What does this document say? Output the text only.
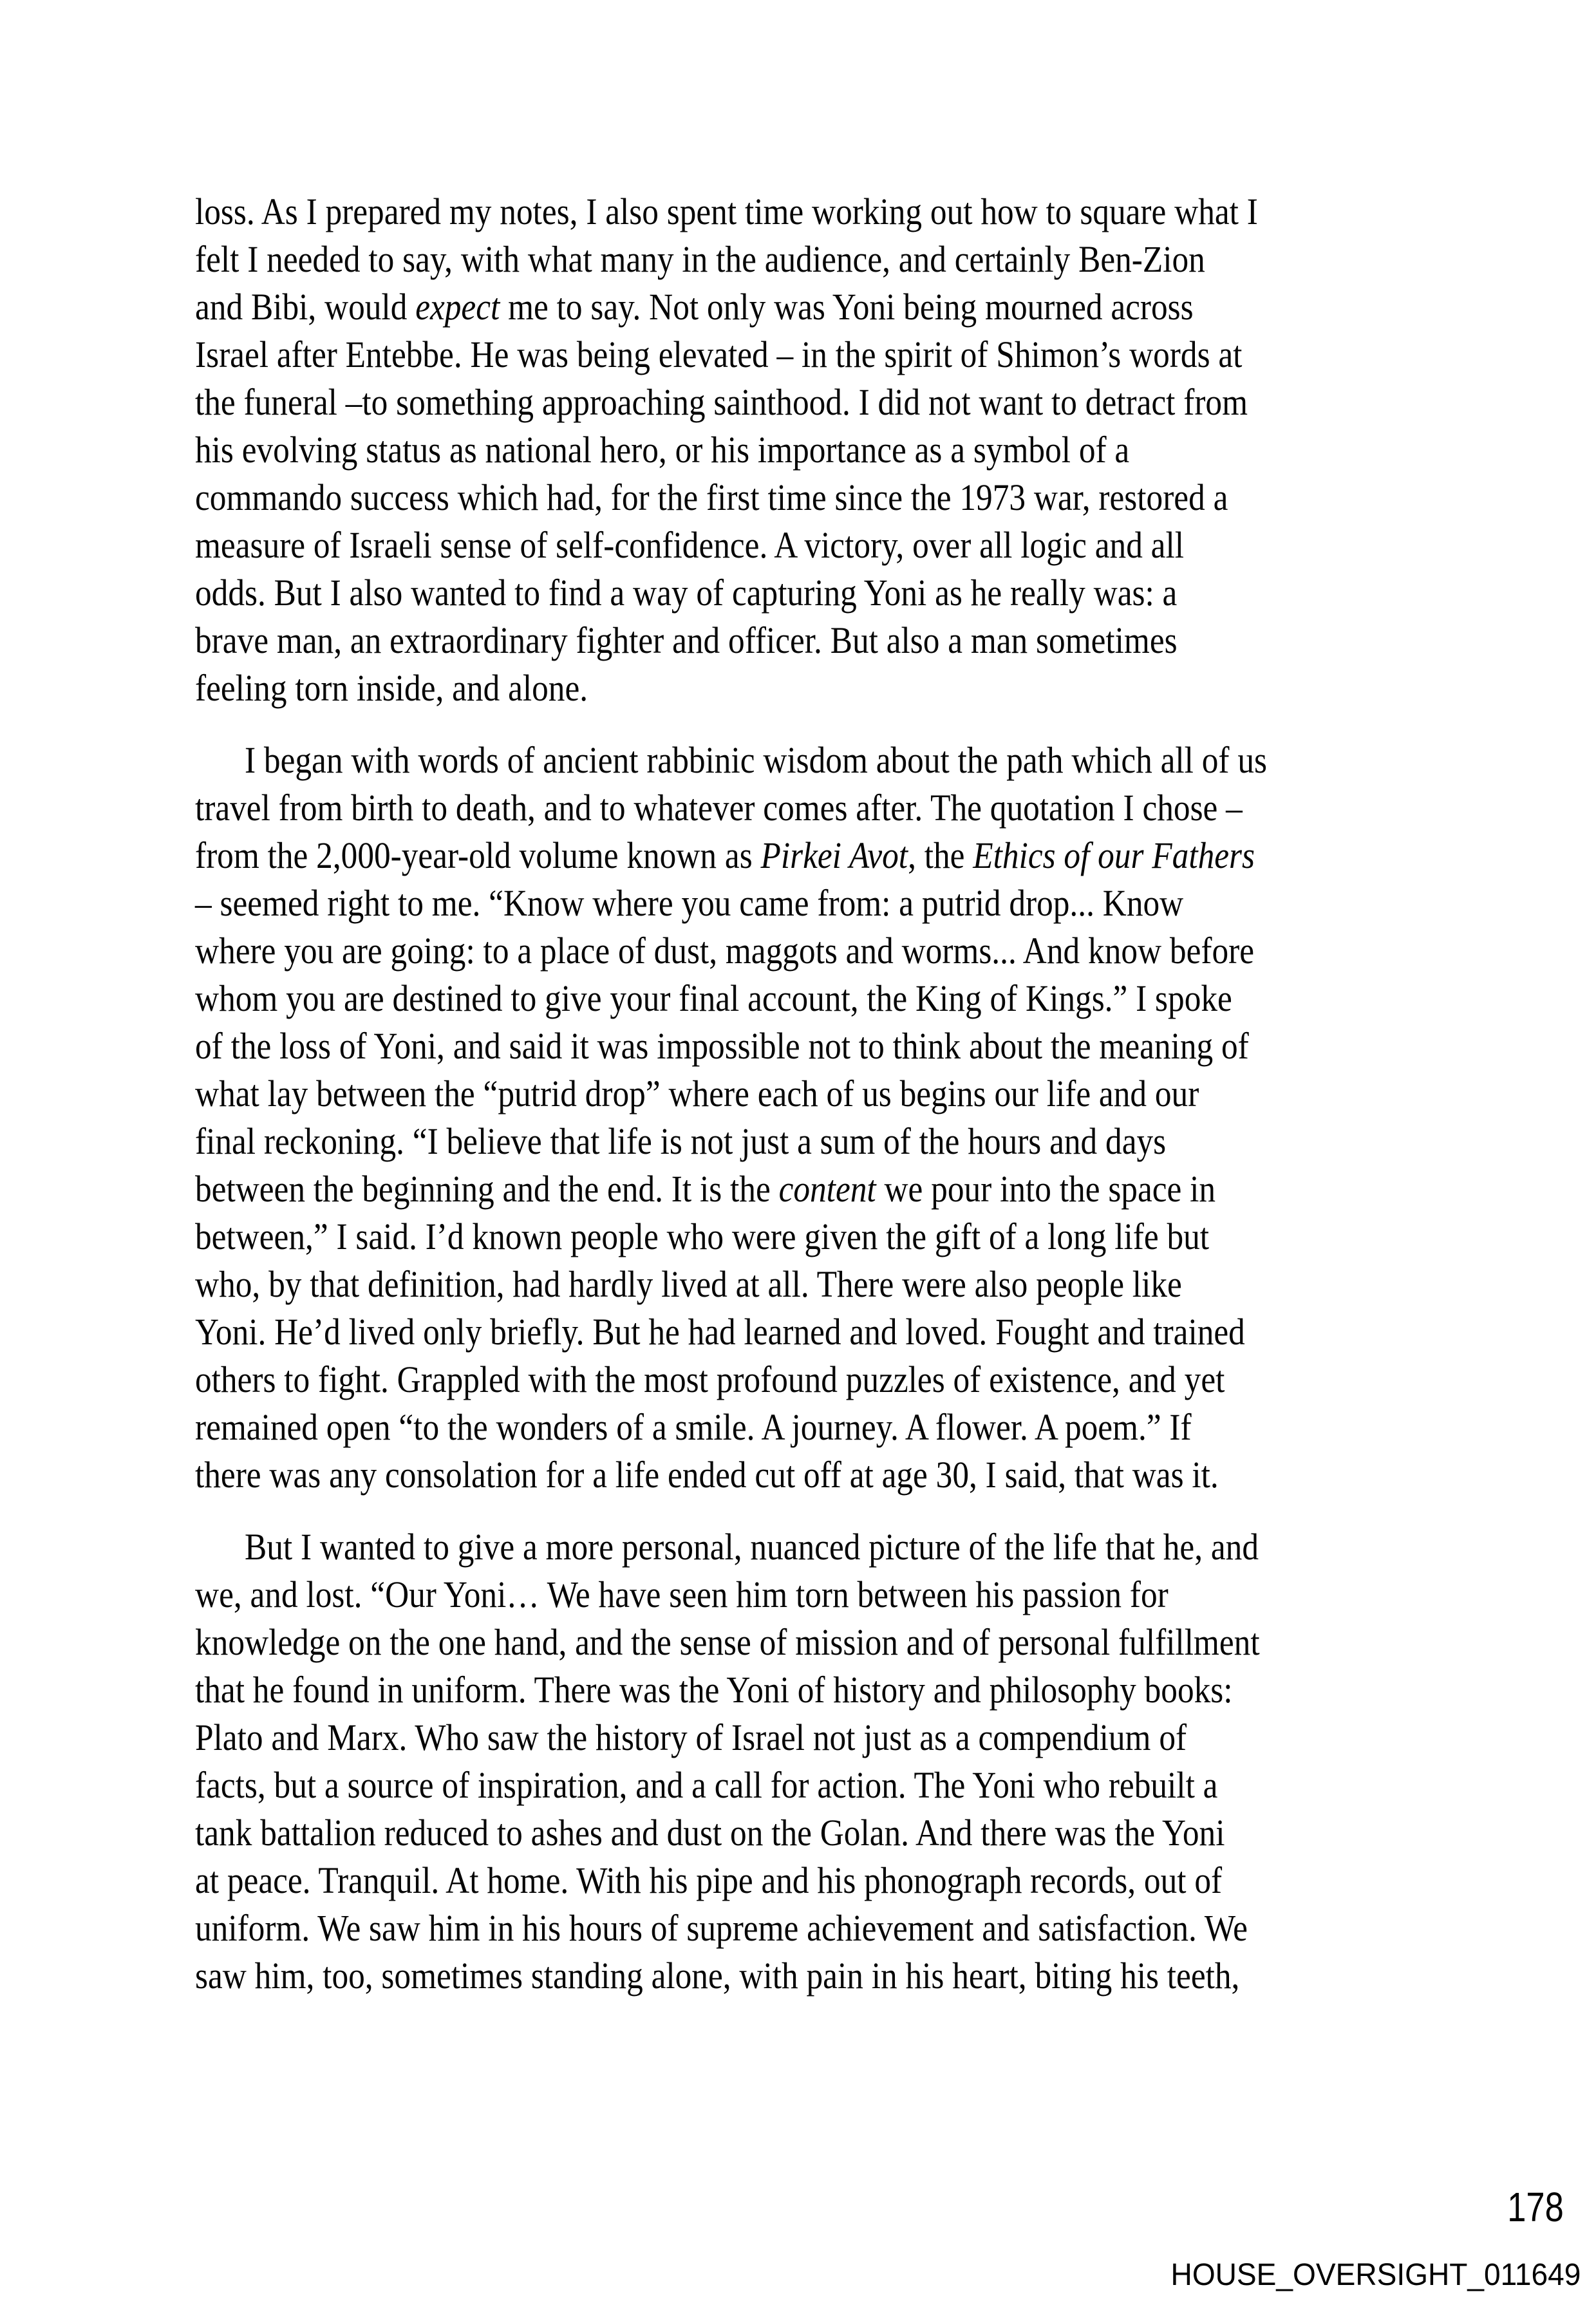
loss. As I prepared my notes, I also spent time working out how to square what I
felt I needed to say, with what many in the audience, and certainly Ben-Zion
and Bibi, would expect me to say. Not only was Yoni being mourned across
Israel after Entebbe. He was being elevated – in the spirit of Shimon’s words at
the funeral –to something approaching sainthood. I did not want to detract from
his evolving status as national hero, or his importance as a symbol of a
commando success which had, for the first time since the 1973 war, restored a
measure of Israeli sense of self-confidence. A victory, over all logic and all
odds. But I also wanted to find a way of capturing Yoni as he really was: a
brave man, an extraordinary fighter and officer. But also a man sometimes
feeling torn inside, and alone.
I began with words of ancient rabbinic wisdom about the path which all of us
travel from birth to death, and to whatever comes after. The quotation I chose –
from the 2,000-year-old volume known as Pirkei Avot, the Ethics of our Fathers
– seemed right to me. “Know where you came from: a putrid drop... Know
where you are going: to a place of dust, maggots and worms... And know before
whom you are destined to give your final account, the King of Kings.” I spoke
of the loss of Yoni, and said it was impossible not to think about the meaning of
what lay between the “putrid drop” where each of us begins our life and our
final reckoning. “I believe that life is not just a sum of the hours and days
between the beginning and the end. It is the content we pour into the space in
between,” I said. I’d known people who were given the gift of a long life but
who, by that definition, had hardly lived at all. There were also people like
Yoni. He’d lived only briefly. But he had learned and loved. Fought and trained
others to fight. Grappled with the most profound puzzles of existence, and yet
remained open “to the wonders of a smile. A journey. A flower. A poem.” If
there was any consolation for a life ended cut off at age 30, I said, that was it.
But I wanted to give a more personal, nuanced picture of the life that he, and
we, and lost. “Our Yoni… We have seen him torn between his passion for
knowledge on the one hand, and the sense of mission and of personal fulfillment
that he found in uniform. There was the Yoni of history and philosophy books:
Plato and Marx. Who saw the history of Israel not just as a compendium of
facts, but a source of inspiration, and a call for action. The Yoni who rebuilt a
tank battalion reduced to ashes and dust on the Golan. And there was the Yoni
at peace. Tranquil. At home. With his pipe and his phonograph records, out of
uniform. We saw him in his hours of supreme achievement and satisfaction. We
saw him, too, sometimes standing alone, with pain in his heart, biting his teeth,
178
HOUSE_OVERSIGHT_011649
